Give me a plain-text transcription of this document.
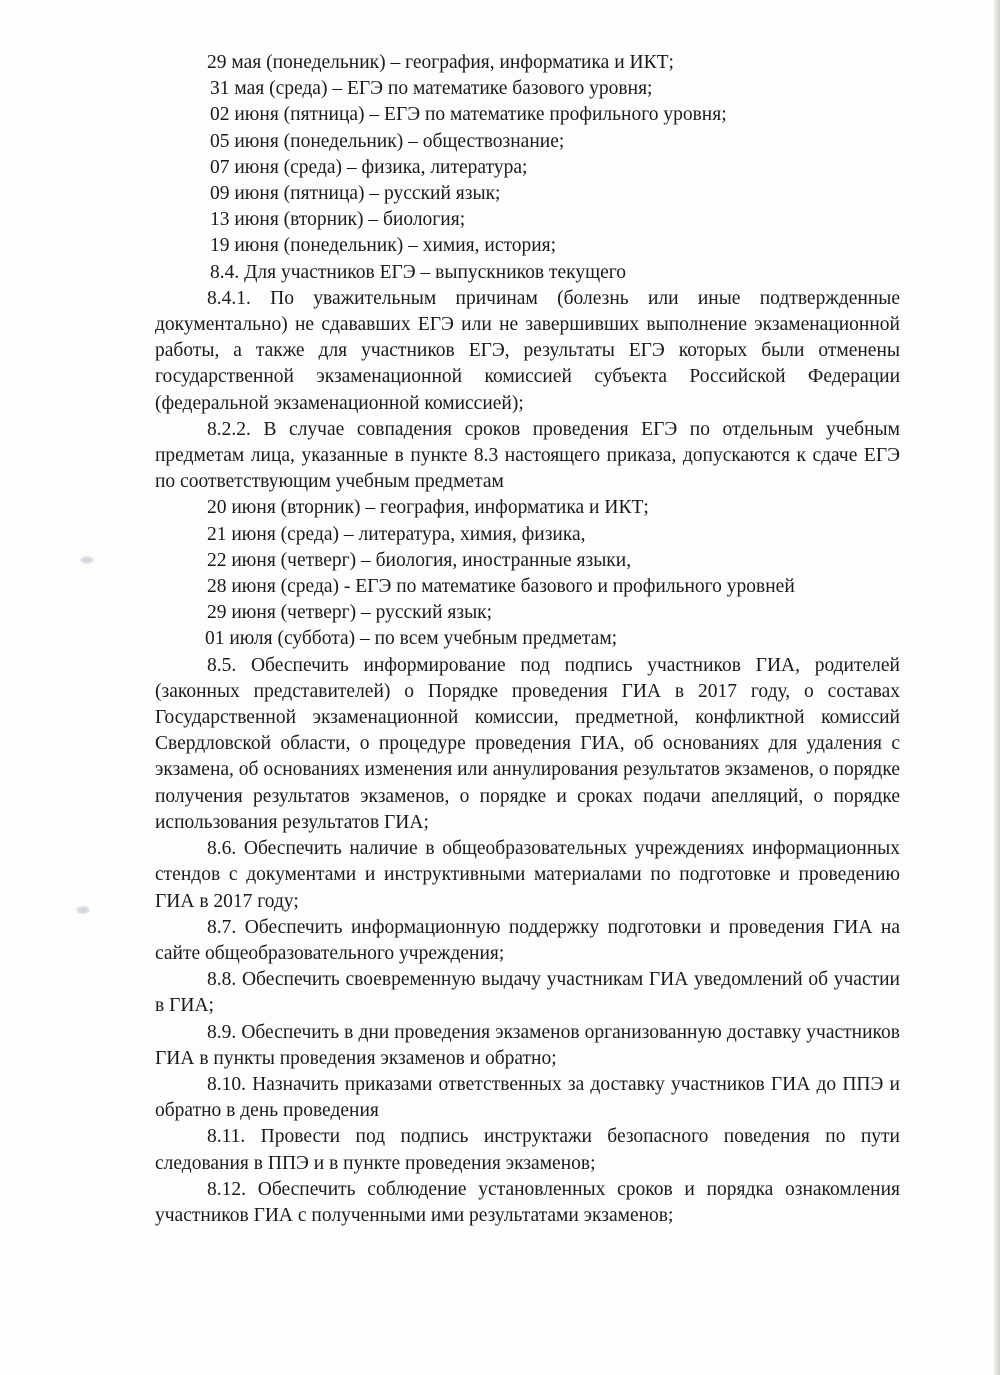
29 мая (понедельник) – география, информатика и ИКТ;
31 мая (среда) – ЕГЭ по математике базового уровня;
02 июня (пятница) – ЕГЭ по математике профильного уровня;
05 июня (понедельник) – обществознание;
07 июня (среда) – физика, литература;
09 июня (пятница) – русский язык;
13 июня (вторник) – биология;
19 июня (понедельник) – химия, история;
8.4. Для участников ЕГЭ – выпускников текущего

8.4.1. По уважительным причинам (болезнь или иные подтвержденные документально) не сдававших ЕГЭ или не завершивших выполнение экзаменационной работы, а также для участников ЕГЭ, результаты ЕГЭ которых были отменены государственной экзаменационной комиссией субъекта Российской Федерации (федеральной экзаменационной комиссией);

8.2.2. В случае совпадения сроков проведения ЕГЭ по отдельным учебным предметам лица, указанные в пункте 8.3 настоящего приказа, допускаются к сдаче ЕГЭ по соответствующим учебным предметам

20 июня (вторник) – география, информатика и ИКТ;
21 июня (среда) – литература, химия, физика,
22 июня (четверг) – биология, иностранные языки,
28 июня (среда) - ЕГЭ по математике базового и профильного уровней
29 июня (четверг) – русский язык;
01 июля (суббота) – по всем учебным предметам;

8.5. Обеспечить информирование под подпись участников ГИА, родителей (законных представителей) о Порядке проведения ГИА в 2017 году, о составах Государственной экзаменационной комиссии, предметной, конфликтной комиссий Свердловской области, о процедуре проведения ГИА, об основаниях для удаления с экзамена, об основаниях изменения или аннулирования результатов экзаменов, о порядке получения результатов экзаменов, о порядке и сроках подачи апелляций, о порядке использования результатов ГИА;

8.6. Обеспечить наличие в общеобразовательных учреждениях информационных стендов с документами и инструктивными материалами по подготовке и проведению ГИА в 2017 году;

8.7. Обеспечить информационную поддержку подготовки и проведения ГИА на сайте общеобразовательного учреждения;

8.8. Обеспечить своевременную выдачу участникам ГИА уведомлений об участии в ГИА;

8.9. Обеспечить в дни проведения экзаменов организованную доставку участников ГИА в пункты проведения экзаменов и обратно;

8.10. Назначить приказами ответственных за доставку участников ГИА до ППЭ и обратно в день проведения

8.11. Провести под подпись инструктажи безопасного поведения по пути следования в ППЭ и в пункте проведения экзаменов;

8.12. Обеспечить соблюдение установленных сроков и порядка ознакомления участников ГИА с полученными ими результатами экзаменов;
